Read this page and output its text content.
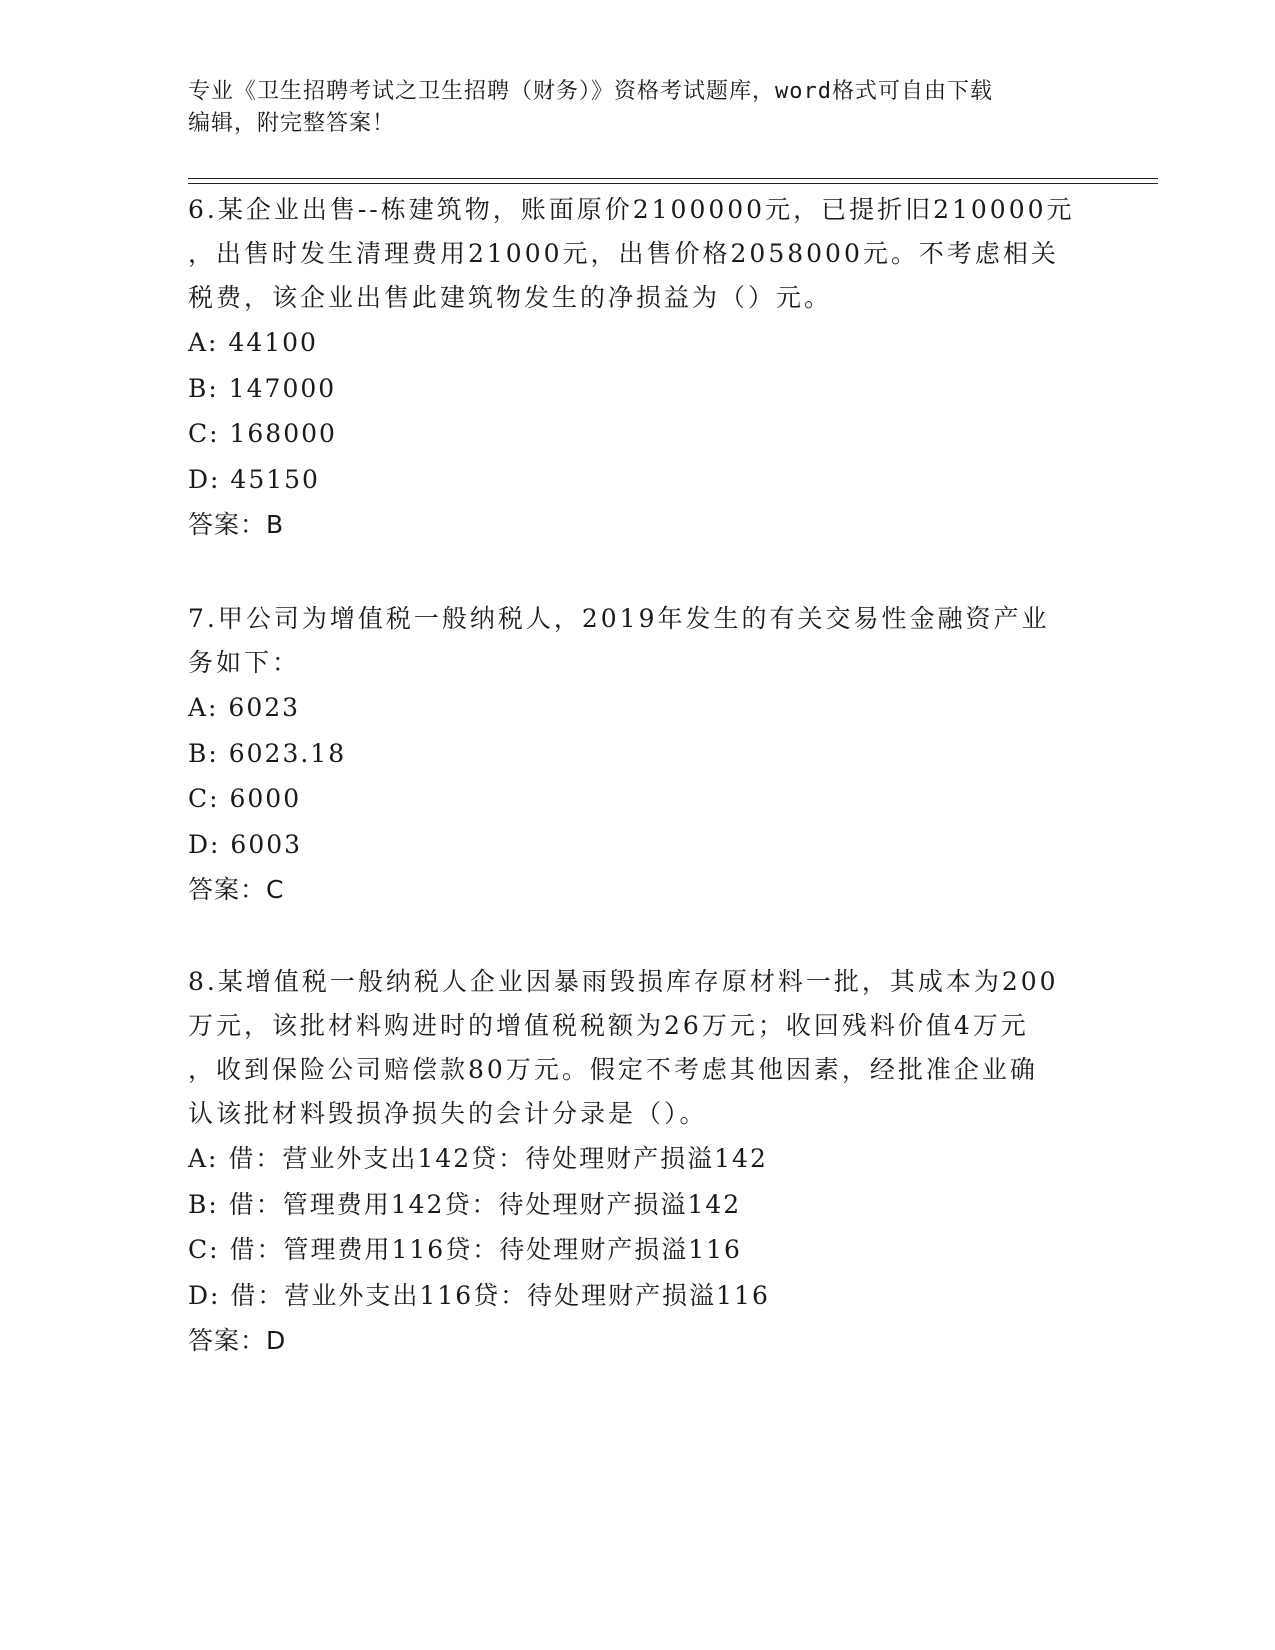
专业《卫生招聘考试之卫生招聘（财务）》资格考试题库，word格式可自由下载
编辑，附完整答案！
6.某企业出售--栋建筑物，账面原价2100000元，已提折旧210000元
，出售时发生清理费用21000元，出售价格2058000元。不考虑相关
税费，该企业出售此建筑物发生的净损益为（）元。
A: 44100
B: 147000
C: 168000
D: 45150
答案：B
7.甲公司为增值税一般纳税人，2019年发生的有关交易性金融资产业
务如下：
A: 6023
B: 6023.18
C: 6000
D: 6003
答案：C
8.某增值税一般纳税人企业因暴雨毁损库存原材料一批，其成本为200
万元，该批材料购进时的增值税税额为26万元；收回残料价值4万元
，收到保险公司赔偿款80万元。假定不考虑其他因素，经批准企业确
认该批材料毁损净损失的会计分录是（）。
A: 借：营业外支出142贷：待处理财产损溢142
B: 借：管理费用142贷：待处理财产损溢142
C: 借：管理费用116贷：待处理财产损溢116
D: 借：营业外支出116贷：待处理财产损溢116
答案：D
